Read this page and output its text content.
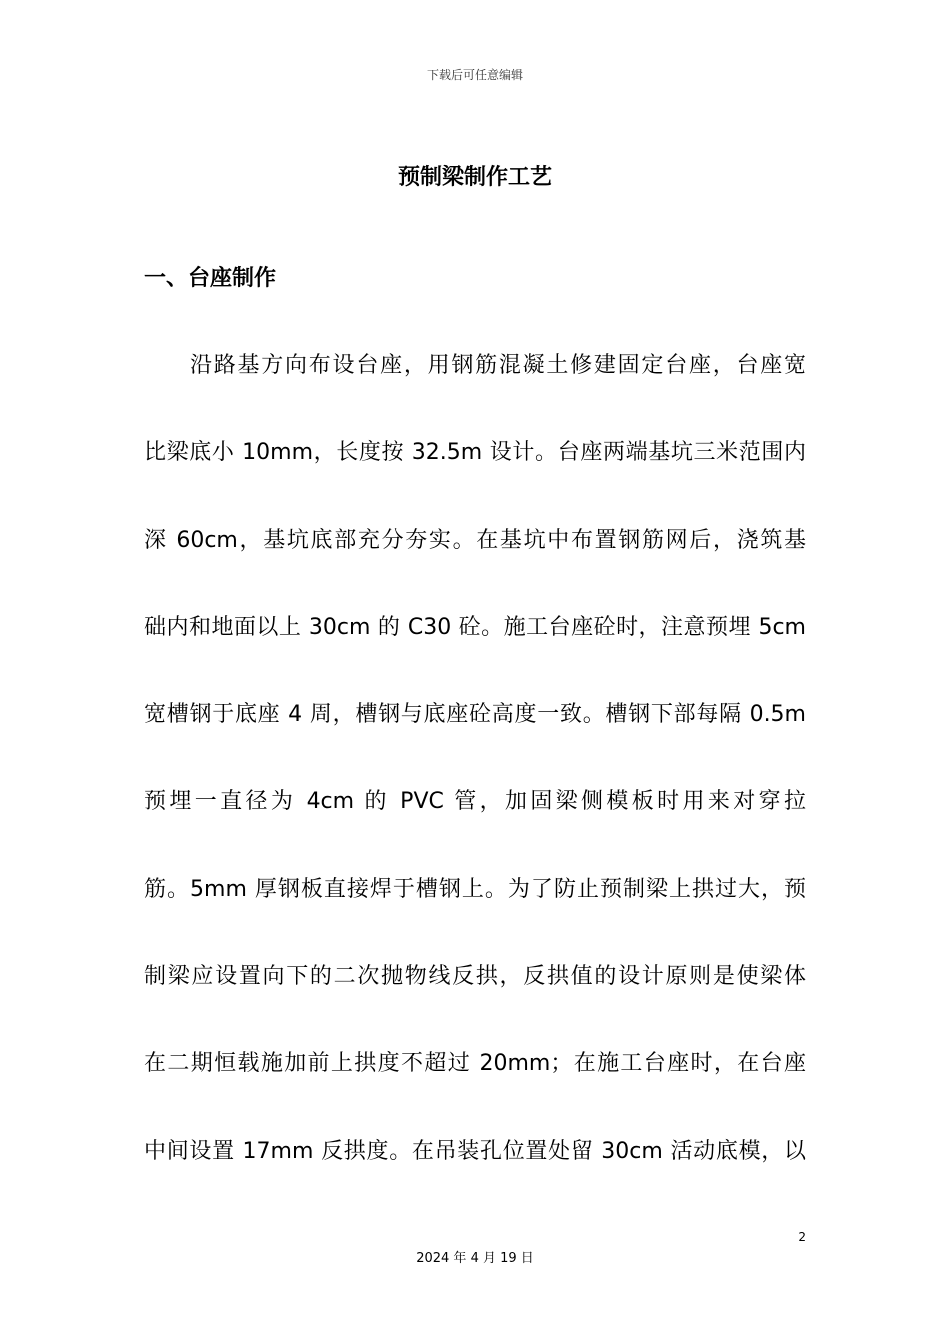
下载后可任意编辑
预制梁制作工艺
一、台座制作
沿路基方向布设台座，用钢筋混凝土修建固定台座，台座宽
比梁底小 10mm，长度按 32.5m 设计。台座两端基坑三米范围内
深 60cm，基坑底部充分夯实。在基坑中布置钢筋网后，浇筑基
础内和地面以上 30cm 的 C30 砼。施工台座砼时，注意预埋 5cm
宽槽钢于底座 4 周，槽钢与底座砼高度一致。槽钢下部每隔 0.5m
预埋一直径为 4cm 的 PVC 管，加固梁侧模板时用来对穿拉
筋。5mm 厚钢板直接焊于槽钢上。为了防止预制梁上拱过大，预
制梁应设置向下的二次抛物线反拱，反拱值的设计原则是使梁体
在二期恒载施加前上拱度不超过 20mm；在施工台座时，在台座
中间设置 17mm 反拱度。在吊装孔位置处留 30cm 活动底模，以
2
2024 年 4 月 19 日
